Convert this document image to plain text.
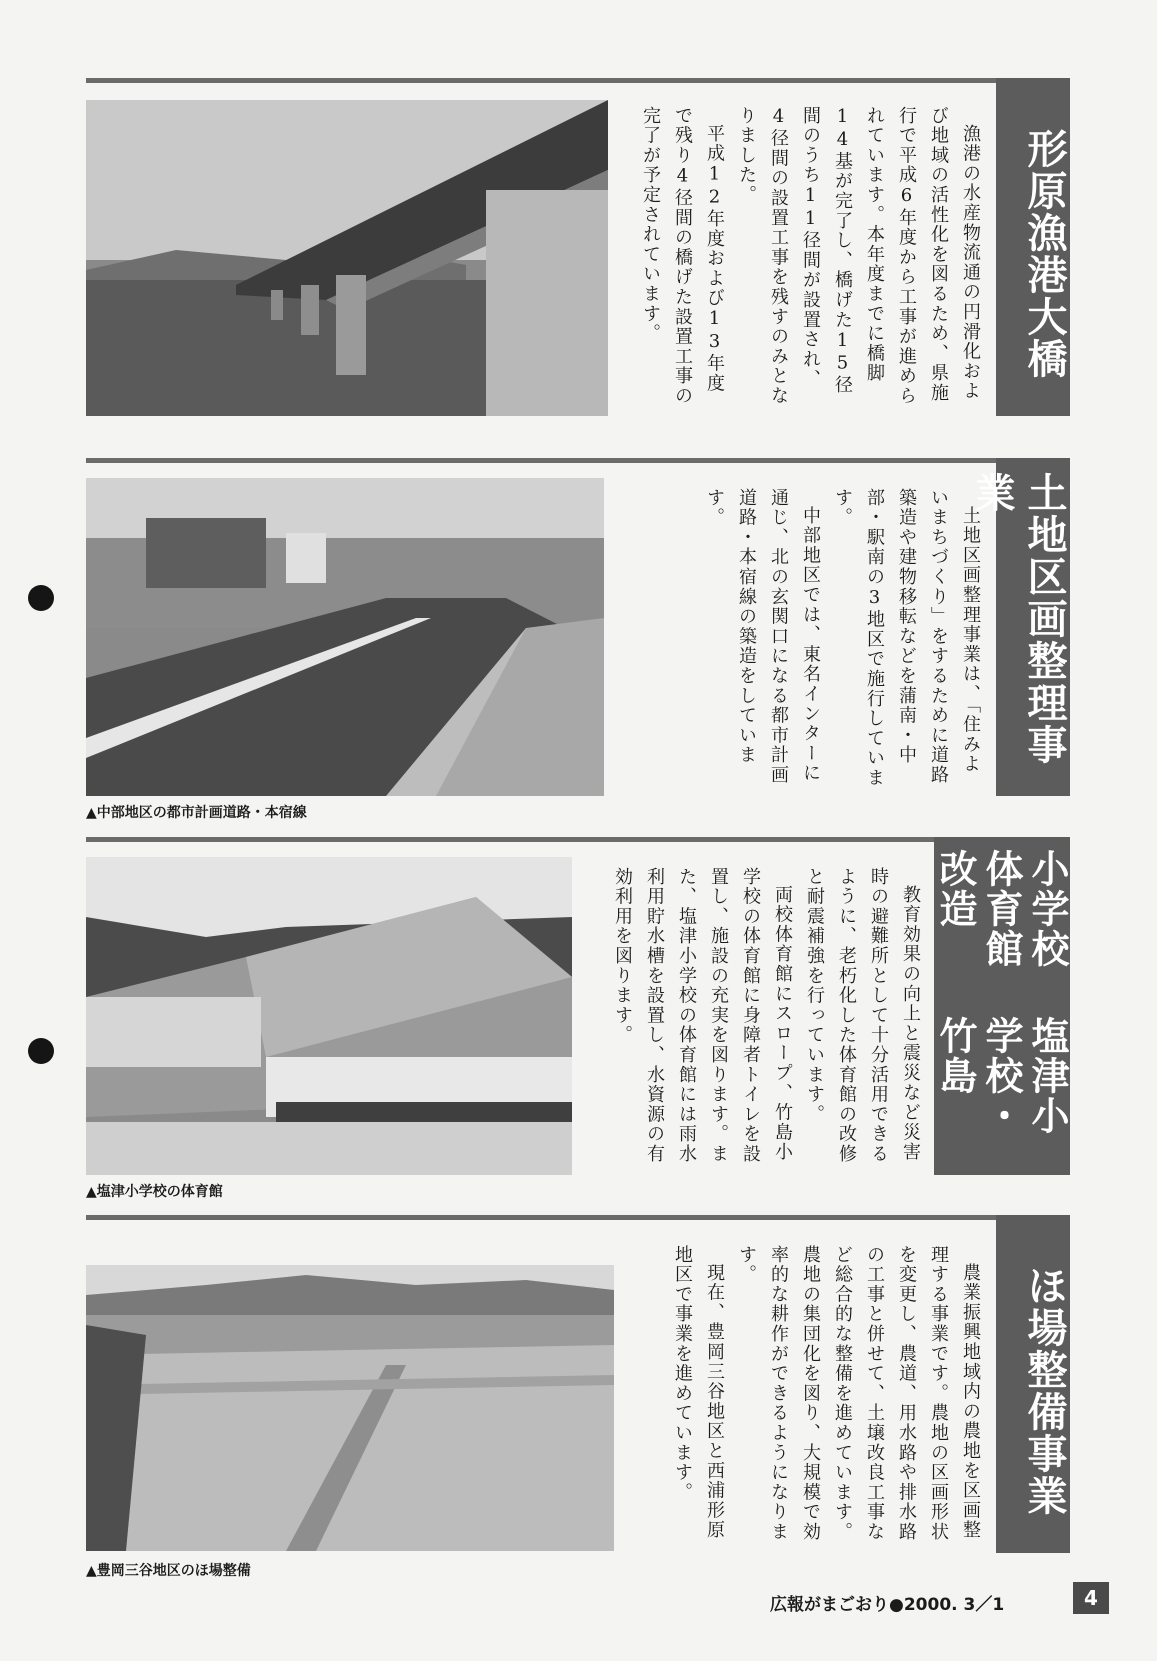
形原漁港大橋

漁港の水産物流通の円滑化および地域の活性化を図るため、県施行で平成6年度から工事が進められています。本年度までに橋脚14基が完了し、橋げた15径間のうち11径間が設置され、4径間の設置工事を残すのみとなりました。

平成12年度および13年度で残り4径間の橋げた設置工事の完了が予定されています。

土地区画整理事業

土地区画整理事業は、「住みよいまちづくり」をするために道路築造や建物移転などを蒲南・中部・駅南の3地区で施行しています。

中部地区では、東名インターに通じ、北の玄関口になる都市計画道路・本宿線の築造をしています。

▲中部地区の都市計画道路・本宿線
塩津小学校・竹島
小学校体育館改造

教育効果の向上と震災など災害時の避難所として十分活用できるように、老朽化した体育館の改修と耐震補強を行っています。

両校体育館にスロープ、竹島小学校の体育館に身障者トイレを設置し、施設の充実を図ります。また、塩津小学校の体育館には雨水利用貯水槽を設置し、水資源の有効利用を図ります。

▲塩津小学校の体育館
ほ場整備事業

農業振興地域内の農地を区画整理する事業です。農地の区画形状を変更し、農道、用水路や排水路の工事と併せて、土壌改良工事など総合的な整備を進めています。農地の集団化を図り、大規模で効率的な耕作ができるようになります。

現在、豊岡三谷地区と西浦形原地区で事業を進めています。

▲豊岡三谷地区のほ場整備
広報がまごおり●2000. 3／1	4
